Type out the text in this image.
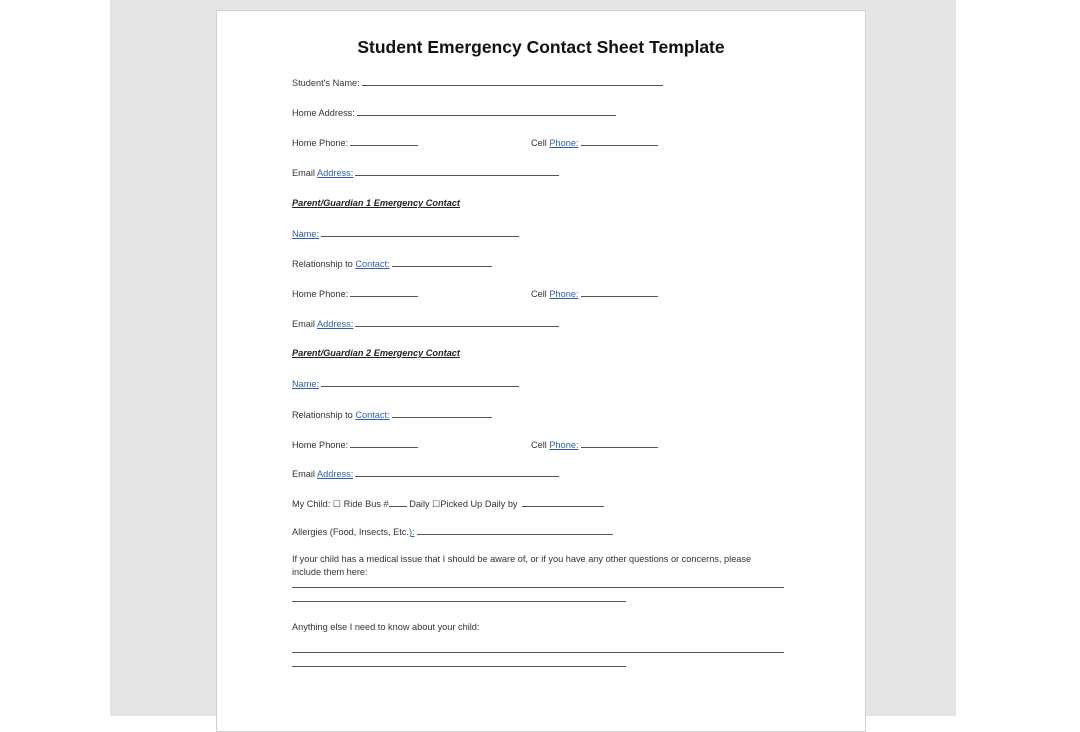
Student Emergency Contact Sheet Template
Student's Name:
Home Address:
Home Phone:	Cell Phone:
Email Address:
Parent/Guardian 1 Emergency Contact
Name:
Relationship to Contact:
Home Phone:	Cell Phone:
Email Address:
Parent/Guardian 2 Emergency Contact
Name:
Relationship to Contact:
Home Phone:	Cell Phone:
Email Address:
My Child: ☐ Ride Bus # Daily ☐Picked Up Daily by
Allergies (Food, Insects, Etc.):
If your child has a medical issue that I should be aware of, or if you have any other questions or concerns, please
include them here:
Anything else I need to know about your child:
